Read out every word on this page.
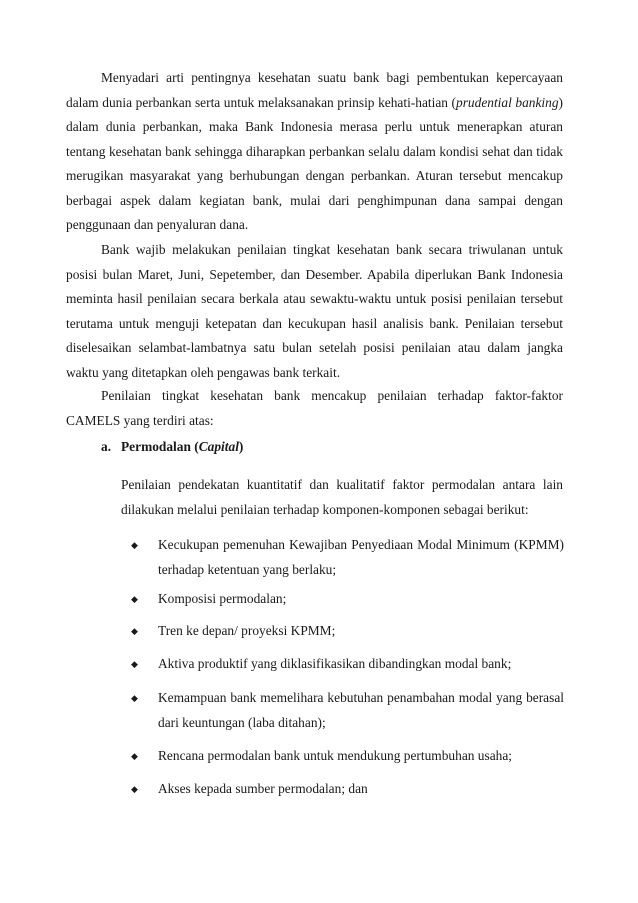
Menyadari arti pentingnya kesehatan suatu bank bagi pembentukan kepercayaan dalam dunia perbankan serta untuk melaksanakan prinsip kehati-hatian (prudential banking) dalam dunia perbankan, maka Bank Indonesia merasa perlu untuk menerapkan aturan tentang kesehatan bank sehingga diharapkan perbankan selalu dalam kondisi sehat dan tidak merugikan masyarakat yang berhubungan dengan perbankan. Aturan tersebut mencakup berbagai aspek dalam kegiatan bank, mulai dari penghimpunan dana sampai dengan penggunaan dan penyaluran dana.

Bank wajib melakukan penilaian tingkat kesehatan bank secara triwulanan untuk posisi bulan Maret, Juni, Sepetember, dan Desember. Apabila diperlukan Bank Indonesia meminta hasil penilaian secara berkala atau sewaktu-waktu untuk posisi penilaian tersebut terutama untuk menguji ketepatan dan kecukupan hasil analisis bank. Penilaian tersebut diselesaikan selambat-lambatnya satu bulan setelah posisi penilaian atau dalam jangka waktu yang ditetapkan oleh pengawas bank terkait.

Penilaian tingkat kesehatan bank mencakup penilaian terhadap faktor-faktor CAMELS yang terdiri atas:

a. Permodalan (Capital)

Penilaian pendekatan kuantitatif dan kualitatif faktor permodalan antara lain dilakukan melalui penilaian terhadap komponen-komponen sebagai berikut:

◆ Kecukupan pemenuhan Kewajiban Penyediaan Modal Minimum (KPMM) terhadap ketentuan yang berlaku;
◆ Komposisi permodalan;
◆ Tren ke depan/ proyeksi KPMM;
◆ Aktiva produktif yang diklasifikasikan dibandingkan modal bank;
◆ Kemampuan bank memelihara kebutuhan penambahan modal yang berasal dari keuntungan (laba ditahan);
◆ Rencana permodalan bank untuk mendukung pertumbuhan usaha;
◆ Akses kepada sumber permodalan; dan
